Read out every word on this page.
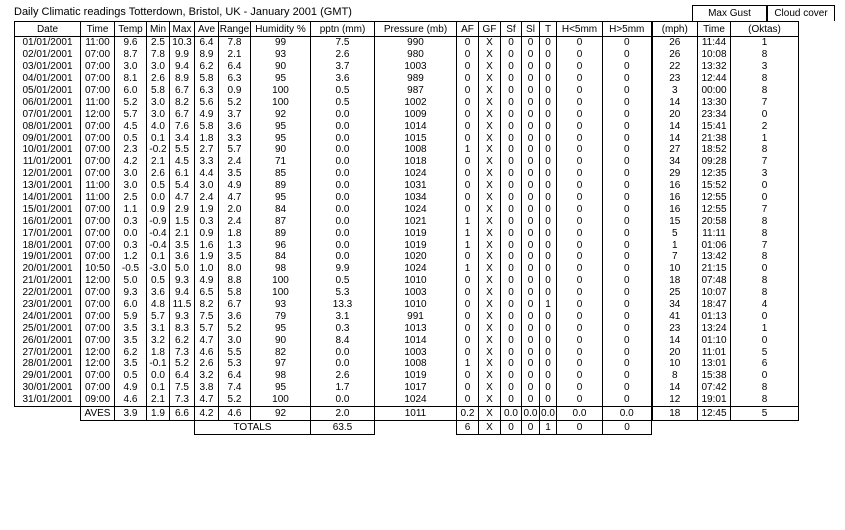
Daily Climatic readings Totterdown, Bristol, UK - January 2001 (GMT)	Max Gust	Cloud cover
Date	Time	Temp	Min	Max	Ave	Range	Humidity %	pptn (mm)	Pressure (mb)	AF	GF	Sf	Sl	T	H<5mm	H>5mm	(mph)	Time	(Oktas)
01/01/2001	11:00	9.6	2.5	10.3	6.4	7.8	99	7.5	990	0	X	0	0	0	0	0	26	11:44	1
02/01/2001	07:00	8.7	7.8	9.9	8.9	2.1	93	2.6	980	0	X	0	0	0	0	0	26	10:08	8
03/01/2001	07:00	3.0	3.0	9.4	6.2	6.4	90	3.7	1003	0	X	0	0	0	0	0	22	13:32	3
04/01/2001	07:00	8.1	2.6	8.9	5.8	6.3	95	3.6	989	0	X	0	0	0	0	0	23	12:44	8
05/01/2001	07:00	6.0	5.8	6.7	6.3	0.9	100	0.5	987	0	X	0	0	0	0	0	3	00:00	8
06/01/2001	11:00	5.2	3.0	8.2	5.6	5.2	100	0.5	1002	0	X	0	0	0	0	0	14	13:30	7
07/01/2001	12:00	5.7	3.0	6.7	4.9	3.7	92	0.0	1009	0	X	0	0	0	0	0	20	23:34	0
08/01/2001	07:00	4.5	4.0	7.6	5.8	3.6	95	0.0	1014	0	X	0	0	0	0	0	14	15:41	2
09/01/2001	07:00	0.5	0.1	3.4	1.8	3.3	95	0.0	1015	0	X	0	0	0	0	0	14	21:38	1
10/01/2001	07:00	2.3	-0.2	5.5	2.7	5.7	90	0.0	1008	1	X	0	0	0	0	0	27	18:52	8
11/01/2001	07:00	4.2	2.1	4.5	3.3	2.4	71	0.0	1018	0	X	0	0	0	0	0	34	09:28	7
12/01/2001	07:00	3.0	2.6	6.1	4.4	3.5	85	0.0	1024	0	X	0	0	0	0	0	29	12:35	3
13/01/2001	11:00	3.0	0.5	5.4	3.0	4.9	89	0.0	1031	0	X	0	0	0	0	0	16	15:52	0
14/01/2001	11:00	2.5	0.0	4.7	2.4	4.7	95	0.0	1034	0	X	0	0	0	0	0	16	12:55	0
15/01/2001	07:00	1.1	0.9	2.9	1.9	2.0	84	0.0	1024	0	X	0	0	0	0	0	16	12:55	7
16/01/2001	07:00	0.3	-0.9	1.5	0.3	2.4	87	0.0	1021	1	X	0	0	0	0	0	15	20:58	8
17/01/2001	07:00	0.0	-0.4	2.1	0.9	1.8	89	0.0	1019	1	X	0	0	0	0	0	5	11:11	8
18/01/2001	07:00	0.3	-0.4	3.5	1.6	1.3	96	0.0	1019	1	X	0	0	0	0	0	1	01:06	7
19/01/2001	07:00	1.2	0.1	3.6	1.9	3.5	84	0.0	1020	0	X	0	0	0	0	0	7	13:42	8
20/01/2001	10:50	-0.5	-3.0	5.0	1.0	8.0	98	9.9	1024	1	X	0	0	0	0	0	10	21:15	0
21/01/2001	12:00	5.0	0.5	9.3	4.9	8.8	100	0.5	1010	0	X	0	0	0	0	0	18	07:48	8
22/01/2001	07:00	9.3	3.6	9.4	6.5	5.8	100	5.3	1003	0	X	0	0	0	0	0	25	10:07	8
23/01/2001	07:00	6.0	4.8	11.5	8.2	6.7	93	13.3	1010	0	X	0	0	1	0	0	34	18:47	4
24/01/2001	07:00	5.9	5.7	9.3	7.5	3.6	79	3.1	991	0	X	0	0	0	0	0	41	01:13	0
25/01/2001	07:00	3.5	3.1	8.3	5.7	5.2	95	0.3	1013	0	X	0	0	0	0	0	23	13:24	1
26/01/2001	07:00	3.5	3.2	6.2	4.7	3.0	90	8.4	1014	0	X	0	0	0	0	0	14	01:10	0
27/01/2001	12:00	6.2	1.8	7.3	4.6	5.5	82	0.0	1003	0	X	0	0	0	0	0	20	11:01	5
28/01/2001	12:00	3.5	-0.1	5.2	2.6	5.3	97	0.0	1008	1	X	0	0	0	0	0	10	13:01	6
29/01/2001	07:00	0.5	0.0	6.4	3.2	6.4	98	2.6	1019	0	X	0	0	0	0	0	8	15:38	0
30/01/2001	07:00	4.9	0.1	7.5	3.8	7.4	95	1.7	1017	0	X	0	0	0	0	0	14	07:42	8
31/01/2001	09:00	4.6	2.1	7.3	4.7	5.2	100	0.0	1024	0	X	0	0	0	0	0	12	19:01	8
	AVES	3.9	1.9	6.6	4.2	4.6	92	2.0	1011	0.2	X	0.0	0.0	0.0	0.0	0.0	18	12:45	5
					TOTALS			63.5		6	X	0	0	1	0	0			
